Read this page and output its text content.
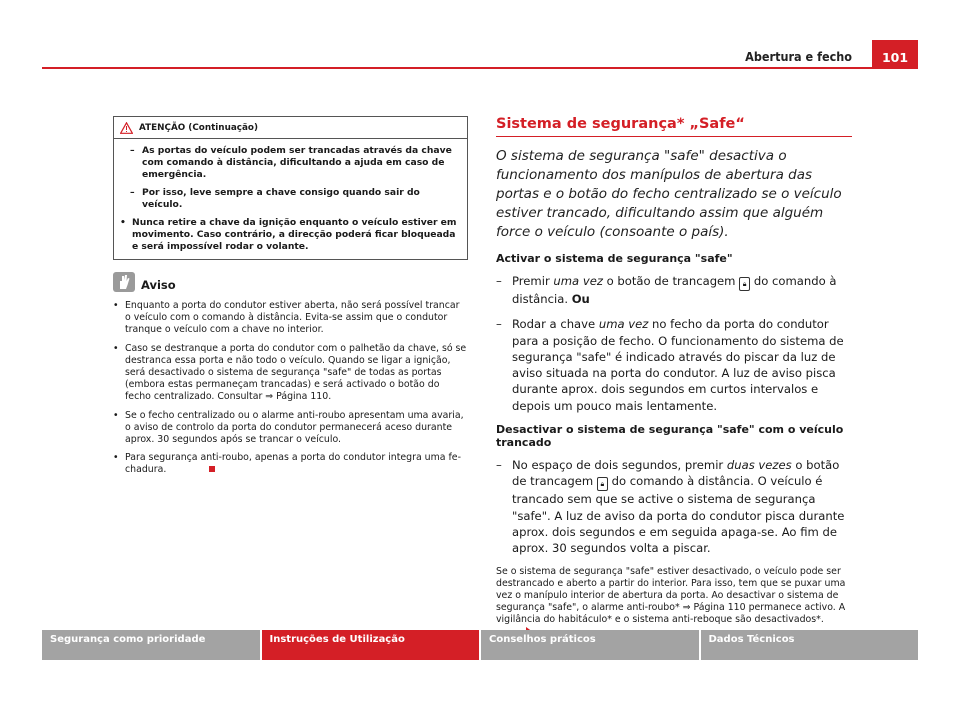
Abertura e fecho	101
ATENÇÃO (Continuação)

– As portas do veículo podem ser trancadas através da chave com comando à distância, dificultando a ajuda em caso de emergência.

– Por isso, leve sempre a chave consigo quando sair do veículo.

• Nunca retire a chave da ignição enquanto o veículo estiver em movimento. Caso contrário, a direcção poderá ficar bloqueada e será impossível rodar o volante.

Aviso

• Enquanto a porta do condutor estiver aberta, não será possível trancar o veículo com o comando à distância. Evita-se assim que o condutor tranque o veículo com a chave no interior.

• Caso se destranque a porta do condutor com o palhetão da chave, só se destranca essa porta e não todo o veículo. Quando se ligar a ignição, será desactivado o sistema de segurança "safe" de todas as portas (embora estas permaneçam trancadas) e será activado o botão do fecho centralizado. Consultar ⇒ Página 110.

• Se o fecho centralizado ou o alarme anti-roubo apresentam uma avaria, o aviso de controlo da porta do condutor permanecerá aceso durante aprox. 30 segundos após se trancar o veículo.

• Para segurança anti-roubo, apenas a porta do condutor integra uma fechadura.

Sistema de segurança* „Safe“

O sistema de segurança "safe" desactiva o funcionamento dos manípulos de abertura das portas e o botão do fecho centralizado se o veículo estiver trancado, dificultando assim que alguém force o veículo (consoante o país).

Activar o sistema de segurança "safe"

– Premir uma vez o botão de trancagem 🔒︎ do comando à distância. Ou
– Rodar a chave uma vez no fecho da porta do condutor para a posição de fecho. O funcionamento do sistema de segurança "safe" é indicado através do piscar da luz de aviso situada na porta do condutor. A luz de aviso pisca durante aprox. dois segundos em curtos intervalos e depois um pouco mais lentamente.

Desactivar o sistema de segurança "safe" com o veículo trancado

– No espaço de dois segundos, premir duas vezes o botão de trancagem 🔒︎ do comando à distância. O veículo é trancado sem que se active o sistema de segurança "safe". A luz de aviso da porta do condutor pisca durante aprox. dois segundos e em seguida apaga-se. Ao fim de aprox. 30 segundos volta a piscar.

Se o sistema de segurança "safe" estiver desactivado, o veículo pode ser destrancado e aberto a partir do interior. Para isso, tem que se puxar uma vez o manípulo interior de abertura da porta. Ao desactivar o sistema de segurança "safe", o alarme anti-roubo* ⇒ Página 110 permanece activo. A vigilância do habitáculo* e o sistema anti-reboque são desactivados*.

Segurança como prioridade	Instruções de Utilização	Conselhos práticos	Dados Técnicos
